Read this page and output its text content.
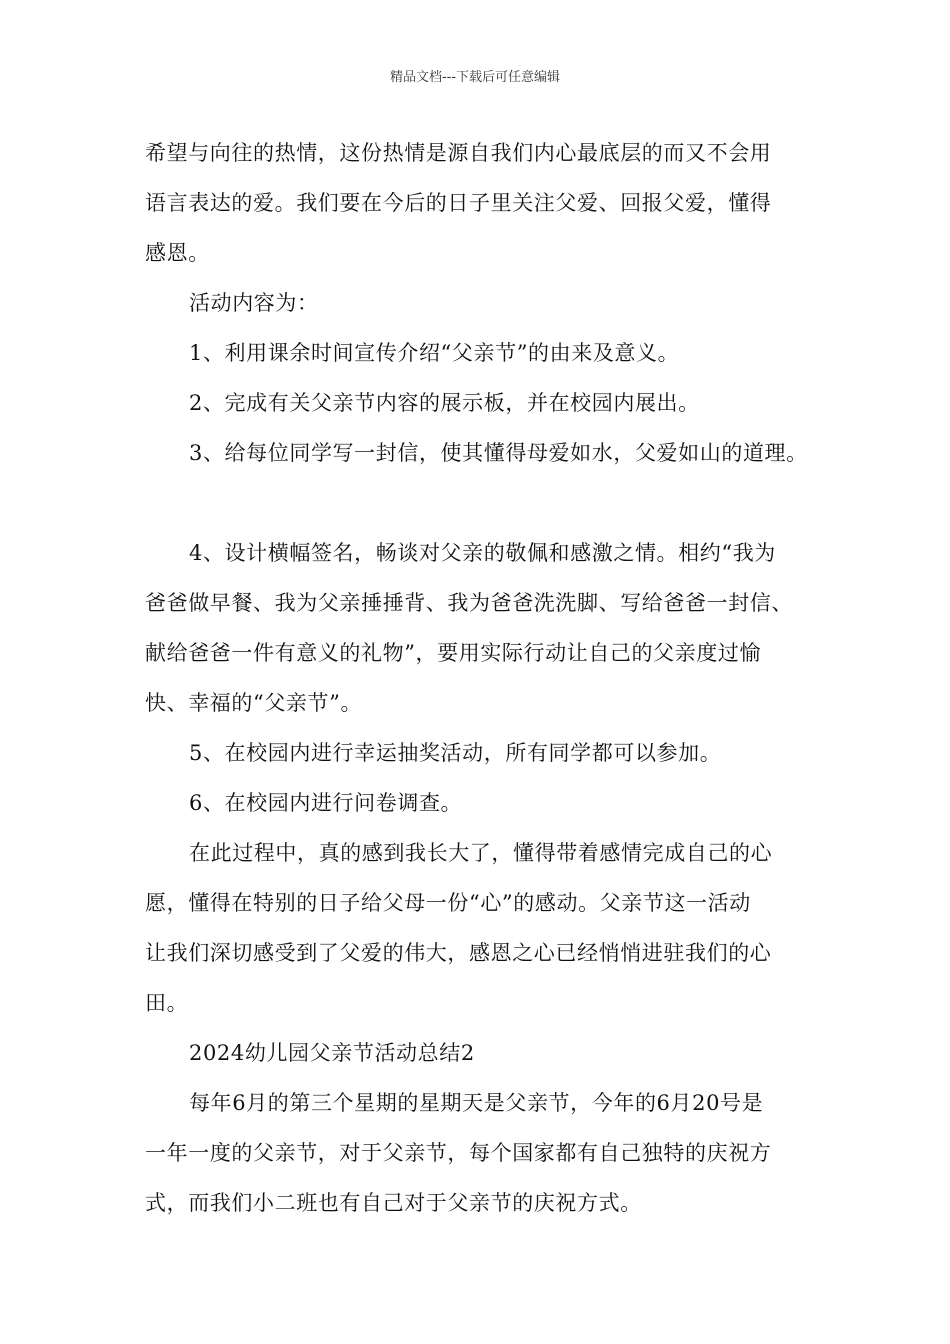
精品文档---下载后可任意编辑

希望与向往的热情，这份热情是源自我们内心最底层的而又不会用

语言表达的爱。我们要在今后的日子里关注父爱、回报父爱，懂得

感恩。

活动内容为：

1、利用课余时间宣传介绍“父亲节”的由来及意义。

2、完成有关父亲节内容的展示板，并在校园内展出。

3、给每位同学写一封信，使其懂得母爱如水，父爱如山的道理。

4、设计横幅签名，畅谈对父亲的敬佩和感激之情。相约“我为

爸爸做早餐、我为父亲捶捶背、我为爸爸洗洗脚、写给爸爸一封信、

献给爸爸一件有意义的礼物”，要用实际行动让自己的父亲度过愉

快、幸福的“父亲节”。

5、在校园内进行幸运抽奖活动，所有同学都可以参加。

6、在校园内进行问卷调查。

在此过程中，真的感到我长大了，懂得带着感情完成自己的心

愿，懂得在特别的日子给父母一份“心”的感动。父亲节这一活动

让我们深切感受到了父爱的伟大，感恩之心已经悄悄进驻我们的心

田。

2024幼儿园父亲节活动总结2

每年6月的第三个星期的星期天是父亲节，今年的6月20号是

一年一度的父亲节，对于父亲节，每个国家都有自己独特的庆祝方

式，而我们小二班也有自己对于父亲节的庆祝方式。
